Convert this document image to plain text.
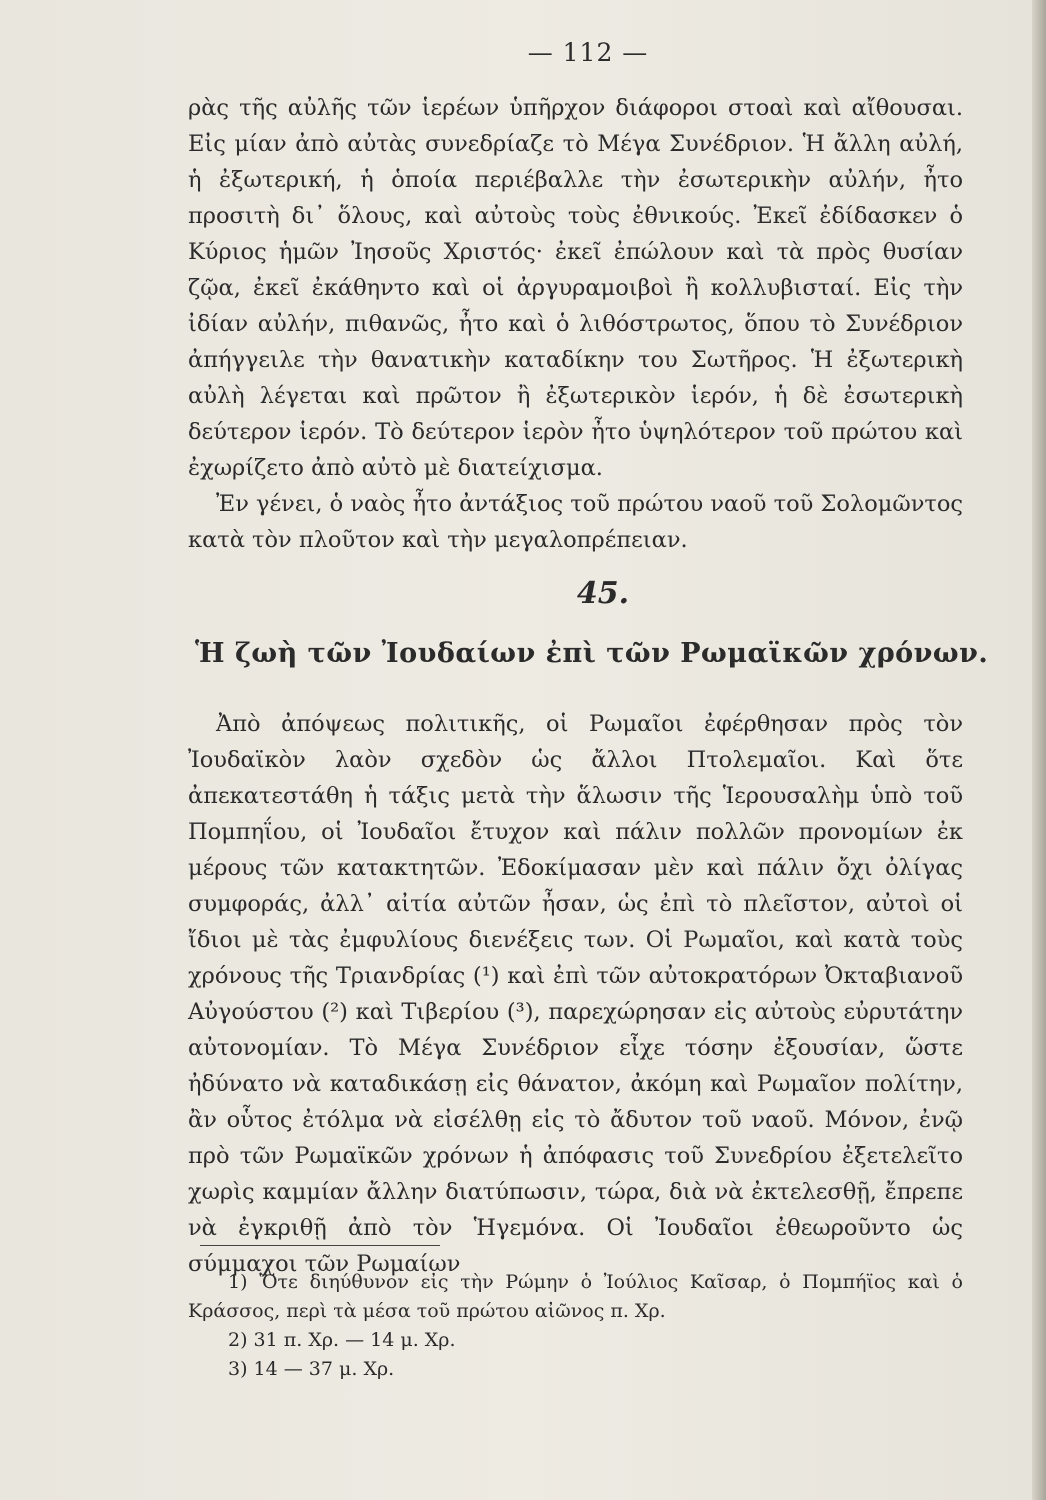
— 112 —

ρὰς τῆς αὐλῆς τῶν ἱερέων ὑπῆρχον διάφοροι στοαὶ καὶ αἴθουσαι. Εἰς μίαν ἀπὸ αὐτὰς συνεδρίαζε τὸ Μέγα Συνέδριον. Ἡ ἄλλη αὐλή, ἡ ἐξωτερική, ἡ ὁποία περιέβαλλε τὴν ἐσωτερικὴν αὐλήν, ἦτο προσιτὴ δι᾿ ὅλους, καὶ αὐτοὺς τοὺς ἐθνικούς. Ἐκεῖ ἐδίδασκεν ὁ Κύριος ἡμῶν Ἰησοῦς Χριστός· ἐκεῖ ἐπώλουν καὶ τὰ πρὸς θυσίαν ζῷα, ἐκεῖ ἐκάθηντο καὶ οἱ ἀργυραμοιβοὶ ἢ κολλυβισταί. Εἰς τὴν ἰδίαν αὐλήν, πιθανῶς, ἦτο καὶ ὁ λιθόστρωτος, ὅπου τὸ Συνέδριον ἀπήγγειλε τὴν θανατικὴν καταδίκην του Σωτῆρος. Ἡ ἐξωτερικὴ αὐλὴ λέγεται καὶ πρῶτον ἢ ἐξωτερικὸν ἱερόν, ἡ δὲ ἐσωτερικὴ δεύτερον ἱερόν. Τὸ δεύτερον ἱερὸν ἦτο ὑψηλότερον τοῦ πρώτου καὶ ἐχωρίζετο ἀπὸ αὐτὸ μὲ διατείχισμα.

Ἐν γένει, ὁ ναὸς ἦτο ἀντάξιος τοῦ πρώτου ναοῦ τοῦ Σολομῶντος κατὰ τὸν πλοῦτον καὶ τὴν μεγαλοπρέπειαν.

45.
Ἡ ζωὴ τῶν Ἰουδαίων ἐπὶ τῶν Ρωμαϊκῶν χρόνων.

Ἀπὸ ἀπόψεως πολιτικῆς, οἱ Ρωμαῖοι ἐφέρθησαν πρὸς τὸν Ἰουδαϊκὸν λαὸν σχεδὸν ὡς ἄλλοι Πτολεμαῖοι. Καὶ ὅτε ἀπεκατεστάθη ἡ τάξις μετὰ τὴν ἅλωσιν τῆς Ἱερουσαλὴμ ὑπὸ τοῦ Πομπηΐου, οἱ Ἰουδαῖοι ἔτυχον καὶ πάλιν πολλῶν προνομίων ἐκ μέρους τῶν κατακτητῶν. Ἐδοκίμασαν μὲν καὶ πάλιν ὄχι ὀλίγας συμφοράς, ἀλλ᾿ αἰτία αὐτῶν ἦσαν, ὡς ἐπὶ τὸ πλεῖστον, αὐτοὶ οἱ ἴδιοι μὲ τὰς ἐμφυλίους διενέξεις των. Οἱ Ρωμαῖοι, καὶ κατὰ τοὺς χρόνους τῆς Τριανδρίας (¹) καὶ ἐπὶ τῶν αὐτοκρατόρων Ὀκταβιανοῦ Αὐγούστου (²) καὶ Τιβερίου (³), παρεχώρησαν εἰς αὐτοὺς εὐρυτάτην αὐτονομίαν. Τὸ Μέγα Συνέδριον εἶχε τόσην ἐξουσίαν, ὥστε ἠδύνατο νὰ καταδικάσῃ εἰς θάνατον, ἀκόμη καὶ Ρωμαῖον πολίτην, ἂν οὗτος ἐτόλμα νὰ εἰσέλθῃ εἰς τὸ ἄδυτον τοῦ ναοῦ. Μόνον, ἐνῷ πρὸ τῶν Ρωμαϊκῶν χρόνων ἡ ἀπόφασις τοῦ Συνεδρίου ἐξετελεῖτο χωρὶς καμμίαν ἄλλην διατύπωσιν, τώρα, διὰ νὰ ἐκτελεσθῇ, ἔπρεπε νὰ ἐγκριθῇ ἀπὸ τὸν Ἡγεμόνα. Οἱ Ἰουδαῖοι ἐθεωροῦντο ὡς σύμμαχοι τῶν Ρωμαίων

1) Ὅτε διηύθυνον εἰς τὴν Ρώμην ὁ Ἰούλιος Καῖσαρ, ὁ Πομπήϊος καὶ ὁ Κράσσος, περὶ τὰ μέσα τοῦ πρώτου αἰῶνος π. Χρ.

2) 31 π. Χρ. — 14 μ. Χρ.

3) 14 — 37 μ. Χρ.
